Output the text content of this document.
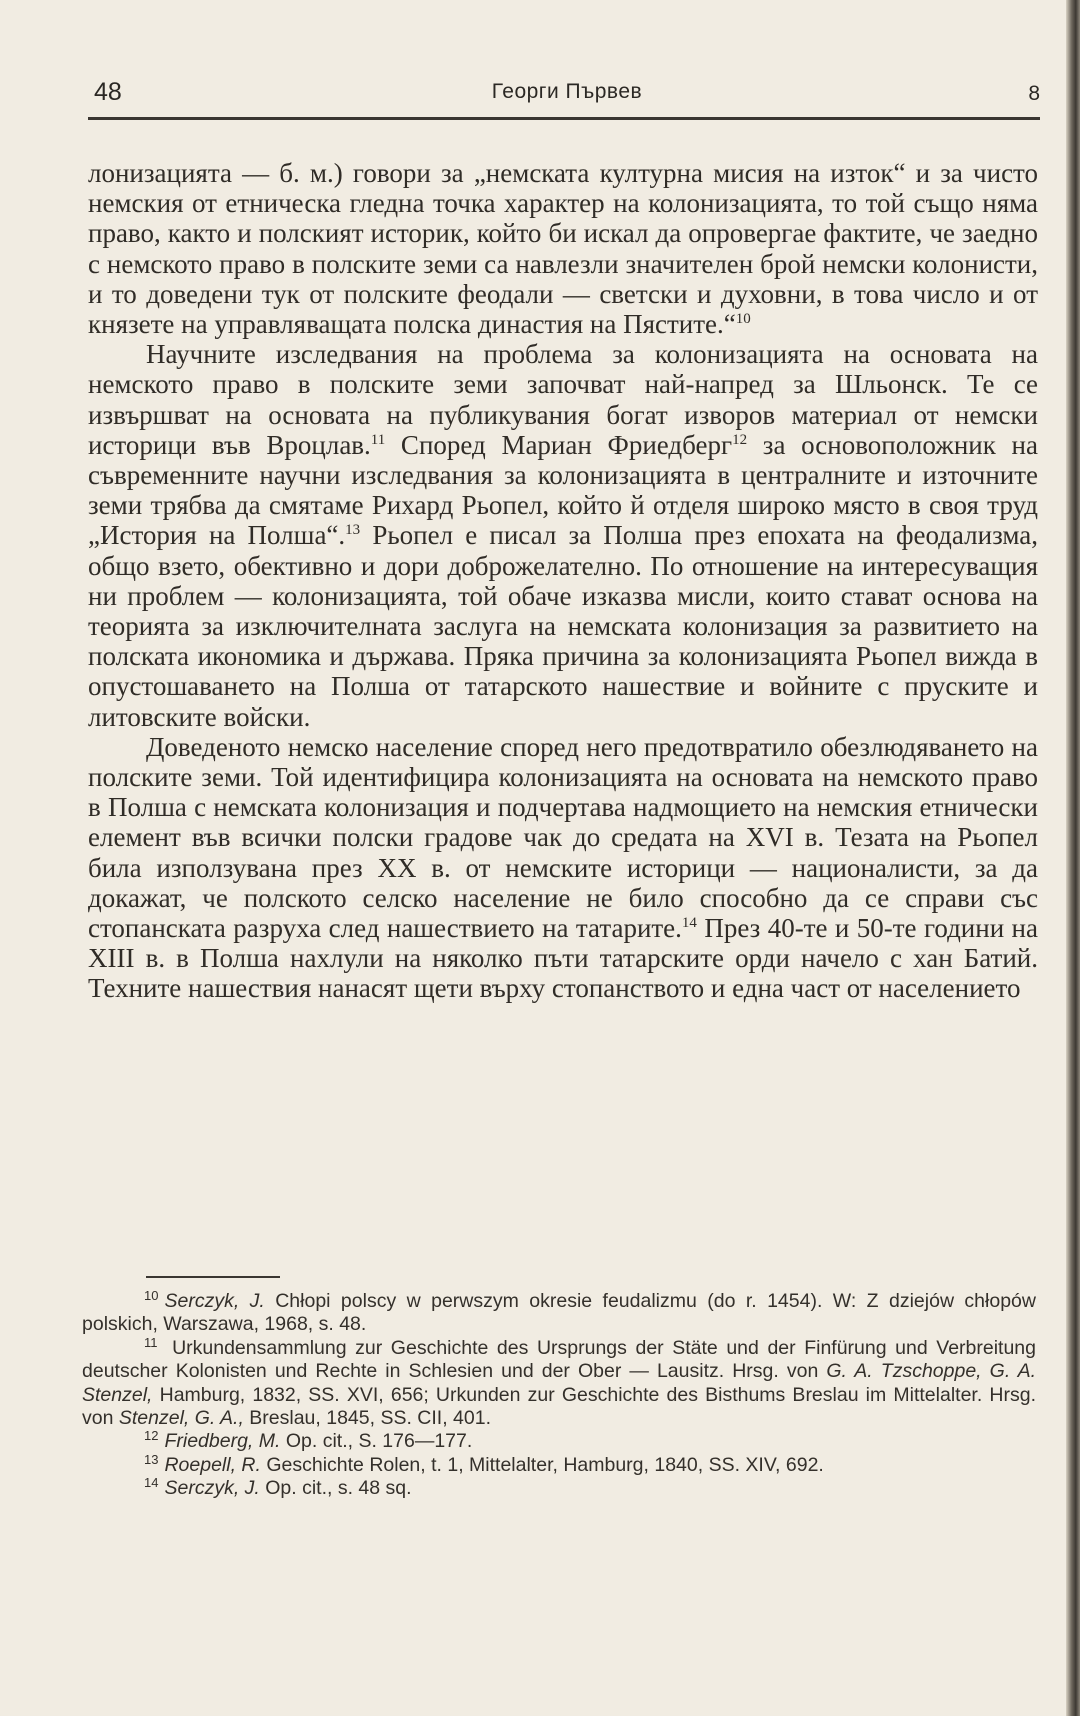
48	Георги Първев	8

лонизацията — б. м.) говори за „немската културна мисия на изток“ и за чисто немския от етническа гледна точка характер на колонизацията, то той също няма право, както и полският историк, който би искал да опровергае фактите, че заедно с немското право в полските земи са навлезли значителен брой немски колонисти, и то доведени тук от полските феодали — светски и духовни, в това число и от князете на управляващата полска династия на Пястите.“$^{10}$

Научните изследвания на проблема за колонизацията на основата на немското право в полските земи започват най-напред за Шльонск. Те се извършват на основата на публикувания богат изворов материал от немски историци във Вроцлав.$^{11}$ Според Мариан Фриедберг$^{12}$ за основоположник на съвременните научни изследвания за колонизацията в централните и източните земи трябва да смятаме Рихард Рьопел, който й отделя широко място в своя труд „История на Полша“.$^{13}$ Рьопел е писал за Полша през епохата на феодализма, общо взето, обективно и дори доброжелателно. По отношение на интересуващия ни проблем — колонизацията, той обаче изказва мисли, които стават основа на теорията за изключителната заслуга на немската колонизация за развитието на полската икономика и държава. Пряка причина за колонизацията Рьопел вижда в опустошаването на Полша от татарското нашествие и войните с пруските и литовските войски.

Доведеното немско население според него предотвратило обезлюдяването на полските земи. Той идентифицира колонизацията на основата на немското право в Полша с немската колонизация и подчертава надмощието на немския етнически елемент във всички полски градове чак до средата на XVI в. Тезата на Рьопел била използувана през XX в. от немските историци — националисти, за да докажат, че полското селско население не било способно да се справи със стопанската разруха след нашествието на татарите.$^{14}$ През 40-те и 50-те години на XIII в. в Полша нахлули на няколко пъти татарските орди начело с хан Батий. Техните нашествия нанасят щети върху стопанството и една част от населението

$^{10}$ Serczyk, J. Chłopi polscy w perwszym okresie feudalizmu (do r. 1454). W: Z dziejów chłopów polskich, Warszawa, 1968, s. 48.

$^{11}$ Urkundensammlung zur Geschichte des Ursprungs der Stäte und der Finfürung und Verbreitung deutscher Kolonisten und Rechte in Schlesien und der Ober — Lausitz. Hrsg. von G. A. Tzschoppe, G. A. Stenzel, Hamburg, 1832, SS. XVI, 656; Urkunden zur Geschichte des Bisthums Breslau im Mittelalter. Hrsg. von Stenzel, G. A., Breslau, 1845, SS. CII, 401.

$^{12}$ Friedberg, M. Op. cit., S. 176—177.

$^{13}$ Roepell, R. Geschichte Rolen, t. 1, Mittelalter, Hamburg, 1840, SS. XIV, 692.

$^{14}$ Serczyk, J. Op. cit., s. 48 sq.
